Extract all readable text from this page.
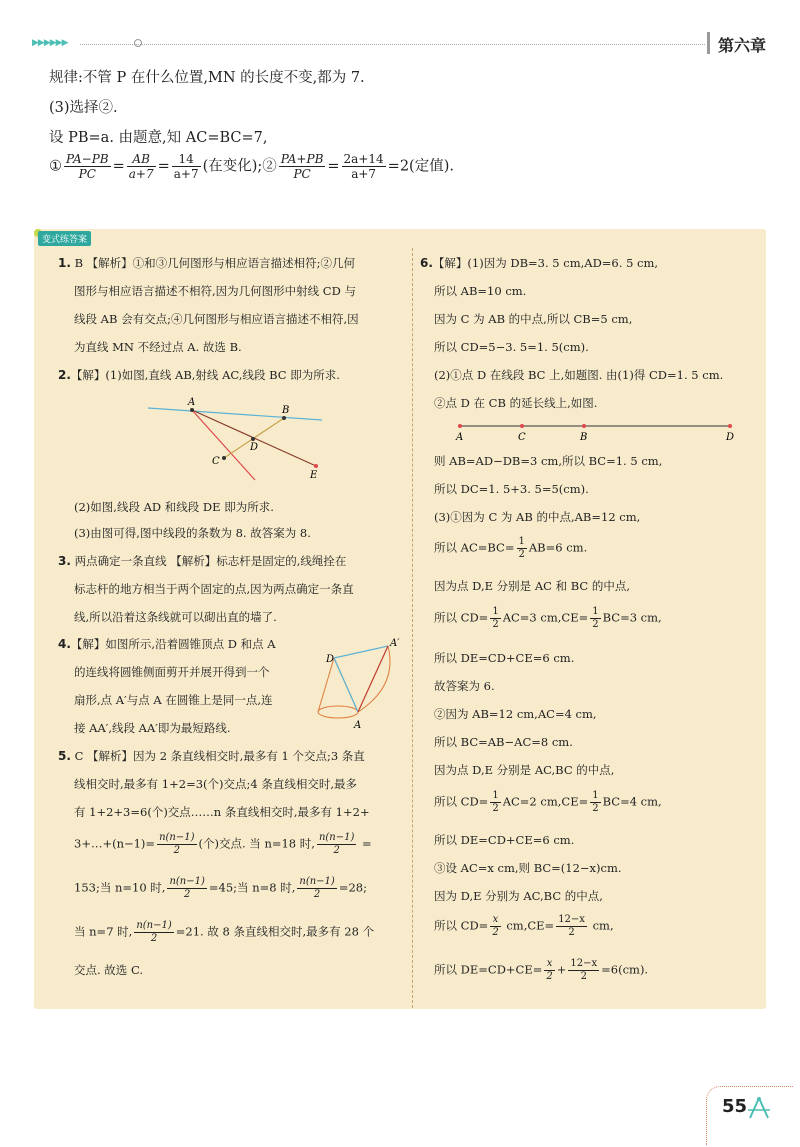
▶▶▶▶▶▶	第六章
规律:不管 P 在什么位置,MN 的长度不变,都为 7.
(3)选择②.
设 PB=a. 由题意,知 AC=BC=7,
① $\frac{PA-PB}{PC} = \frac{AB}{a+7} = \frac{14}{a+7}$ (在变化);② $\frac{PA+PB}{PC} = \frac{2a+14}{a+7} =2$(定值).
变式练答案
1. B 【解析】①和③几何图形与相应语言描述相符;②几何
图形与相应语言描述不相符,因为几何图形中射线 CD 与
线段 AB 会有交点;④几何图形与相应语言描述不相符,因
为直线 MN 不经过点 A. 故选 B.
2.【解】(1)如图,直线 AB,射线 AC,线段 BC 即为所求.
A
B
D
C
E
(2)如图,线段 AD 和线段 DE 即为所求.
(3)由图可得,图中线段的条数为 8. 故答案为 8.
3. 两点确定一条直线 【解析】标志杆是固定的,线绳拴在
标志杆的地方相当于两个固定的点,因为两点确定一条直
线,所以沿着这条线就可以砌出直的墙了.
4.【解】如图所示,沿着圆锥顶点 D 和点 A
的连线将圆锥侧面剪开并展开得到一个
扇形,点 A′与点 A 在圆锥上是同一点,连
接 AA′,线段 AA′即为最短路线.
A′
D
A
5. C 【解析】因为 2 条直线相交时,最多有 1 个交点;3 条直
线相交时,最多有 1+2=3(个)交点;4 条直线相交时,最多
有 1+2+3=6(个)交点……n 条直线相交时,最多有 1+2+
3+…+(n−1)= $\frac{n(n-1)}{2}$ (个)交点. 当 n=18 时, $\frac{n(n-1)}{2}$ =
153;当 n=10 时, $\frac{n(n-1)}{2} =45$;当 n=8 时, $\frac{n(n-1)}{2} =28$;
当 n=7 时, $\frac{n(n-1)}{2} =21$. 故 8 条直线相交时,最多有 28 个
交点. 故选 C.
6.【解】(1)因为 DB=3. 5 cm,AD=6. 5 cm,
所以 AB=10 cm.
因为 C 为 AB 的中点,所以 CB=5 cm,
所以 CD=5−3. 5=1. 5(cm).
(2)①点 D 在线段 BC 上,如题图. 由(1)得 CD=1. 5 cm.
②点 D 在 CB 的延长线上,如图.
A	C	B	D
则 AB=AD−DB=3 cm,所以 BC=1. 5 cm,
所以 DC=1. 5+3. 5=5(cm).
(3)①因为 C 为 AB 的中点,AB=12 cm,
所以 $AC=BC= \frac{1}{2} AB=6$ cm.
因为点 D,E 分别是 AC 和 BC 的中点,
所以 $CD= \frac{1}{2} AC=3$ $cm,CE= \frac{1}{2} BC=3$ cm,
所以 DE=CD+CE=6 cm.
故答案为 6.
②因为 AB=12 cm,AC=4 cm,
所以 BC=AB−AC=8 cm.
因为点 D,E 分别是 AC,BC 的中点,
所以 $CD= \frac{1}{2} AC=2$ $cm,CE= \frac{1}{2} BC=4$ cm,
所以 DE=CD+CE=6 cm.
③设 AC=x cm,则 BC=(12−x)cm.
因为 D,E 分别为 AC,BC 的中点,
所以 $CD= \frac{x}{2} cm,CE= \frac{12-x}{2}$ cm,
所以 $DE=CD+CE= \frac{x}{2} + \frac{12-x}{2} =6(cm)$.
55
